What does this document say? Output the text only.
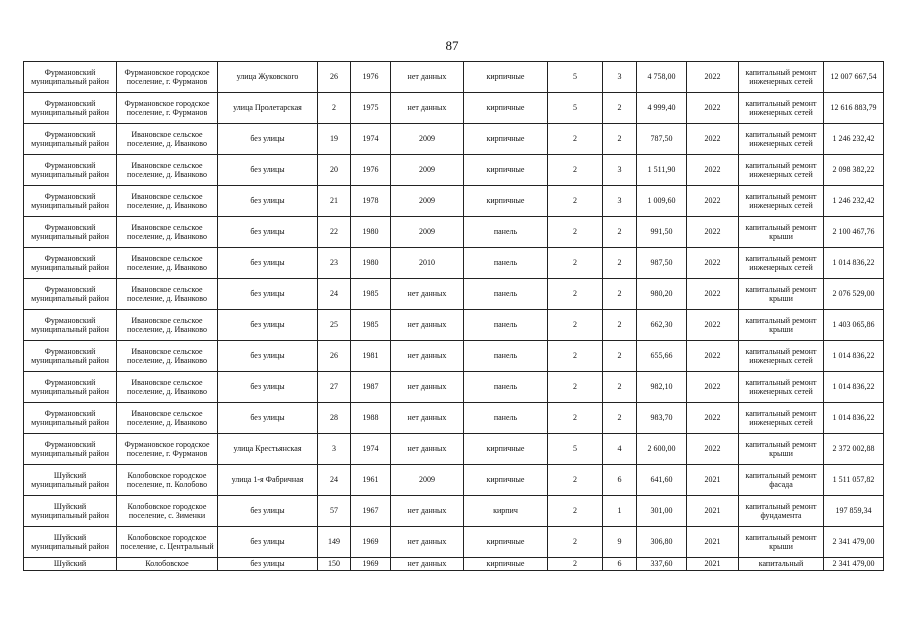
87
Фурмановский муниципальный район	Фурмановское городское поселение, г. Фурманов	улица Жуковского	26	1976	нет данных	кирпичные	5	3	4 758,00	2022	капитальный ремонт инженерных сетей	12 007 667,54
Фурмановский муниципальный район	Фурмановское городское поселение, г. Фурманов	улица Пролетарская	2	1975	нет данных	кирпичные	5	2	4 999,40	2022	капитальный ремонт инженерных сетей	12 616 883,79
Фурмановский муниципальный район	Ивановское сельское поселение, д. Иванково	без улицы	19	1974	2009	кирпичные	2	2	787,50	2022	капитальный ремонт инженерных сетей	1 246 232,42
Фурмановский муниципальный район	Ивановское сельское поселение, д. Иванково	без улицы	20	1976	2009	кирпичные	2	3	1 511,90	2022	капитальный ремонт инженерных сетей	2 098 382,22
Фурмановский муниципальный район	Ивановское сельское поселение, д. Иванково	без улицы	21	1978	2009	кирпичные	2	3	1 009,60	2022	капитальный ремонт инженерных сетей	1 246 232,42
Фурмановский муниципальный район	Ивановское сельское поселение, д. Иванково	без улицы	22	1980	2009	панель	2	2	991,50	2022	капитальный ремонт крыши	2 100 467,76
Фурмановский муниципальный район	Ивановское сельское поселение, д. Иванково	без улицы	23	1980	2010	панель	2	2	987,50	2022	капитальный ремонт инженерных сетей	1 014 836,22
Фурмановский муниципальный район	Ивановское сельское поселение, д. Иванково	без улицы	24	1985	нет данных	панель	2	2	980,20	2022	капитальный ремонт крыши	2 076 529,00
Фурмановский муниципальный район	Ивановское сельское поселение, д. Иванково	без улицы	25	1985	нет данных	панель	2	2	662,30	2022	капитальный ремонт крыши	1 403 065,86
Фурмановский муниципальный район	Ивановское сельское поселение, д. Иванково	без улицы	26	1981	нет данных	панель	2	2	655,66	2022	капитальный ремонт инженерных сетей	1 014 836,22
Фурмановский муниципальный район	Ивановское сельское поселение, д. Иванково	без улицы	27	1987	нет данных	панель	2	2	982,10	2022	капитальный ремонт инженерных сетей	1 014 836,22
Фурмановский муниципальный район	Ивановское сельское поселение, д. Иванково	без улицы	28	1988	нет данных	панель	2	2	983,70	2022	капитальный ремонт инженерных сетей	1 014 836,22
Фурмановский муниципальный район	Фурмановское городское поселение, г. Фурманов	улица Крестьянская	3	1974	нет данных	кирпичные	5	4	2 600,00	2022	капитальный ремонт крыши	2 372 002,88
Шуйский муниципальный район	Колобовское городское поселение, п. Колобово	улица 1-я Фабричная	24	1961	2009	кирпичные	2	6	641,60	2021	капитальный ремонт фасада	1 511 057,82
Шуйский муниципальный район	Колобовское городское поселение, с. Зименки	без улицы	57	1967	нет данных	кирпич	2	1	301,00	2021	капитальный ремонт фундамента	197 859,34
Шуйский муниципальный район	Колобовское городское поселение, с. Центральный	без улицы	149	1969	нет данных	кирпичные	2	9	306,80	2021	капитальный ремонт крыши	2 341 479,00
Шуйский	Колобовское	без улицы	150	1969	нет данных	кирпичные	2	6	337,60	2021	капитальный	2 341 479,00
